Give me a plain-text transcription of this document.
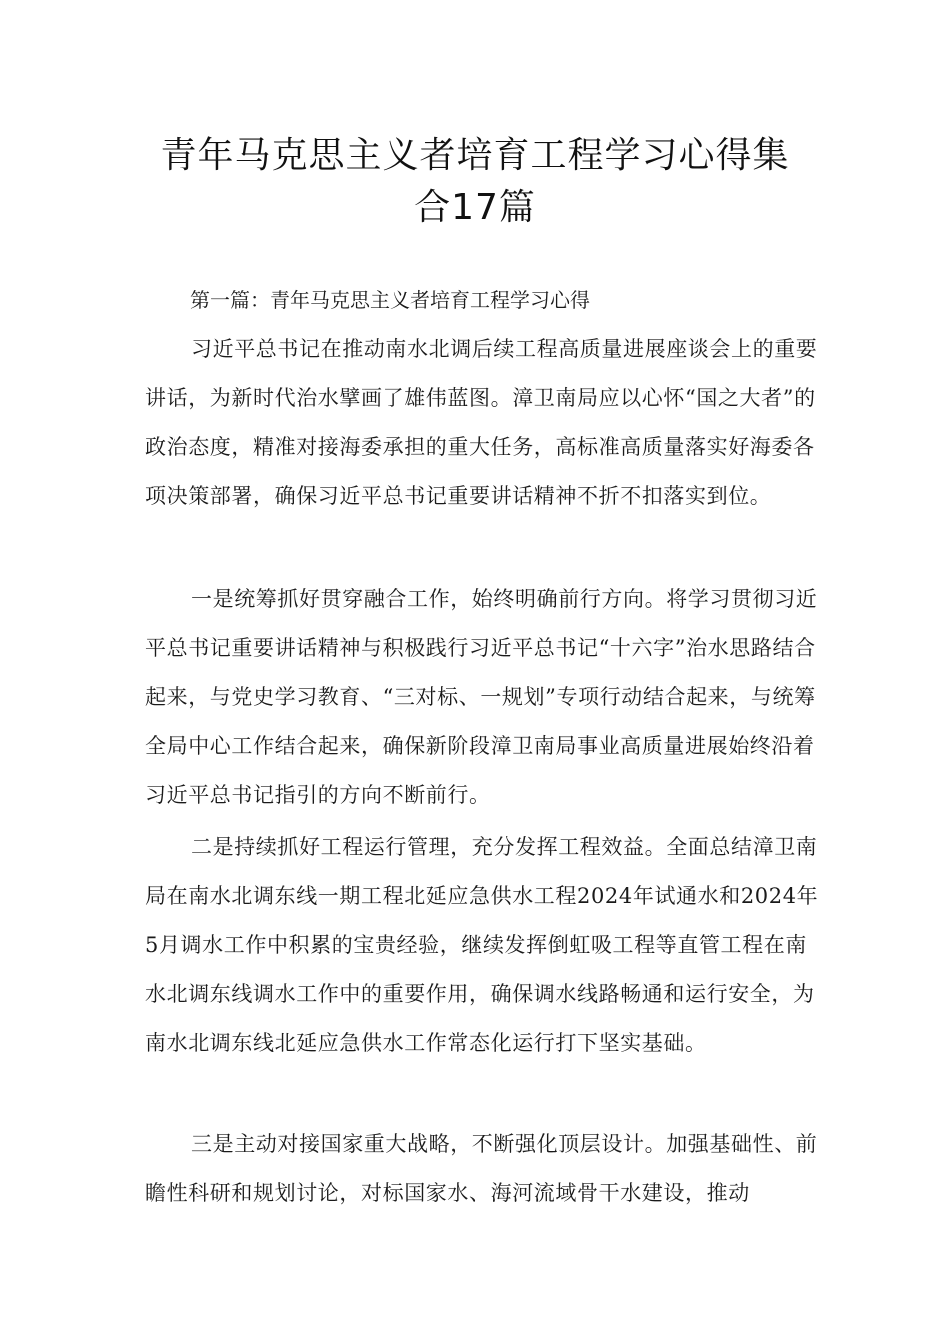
青年马克思主义者培育工程学习心得集
合17篇

第一篇：青年马克思主义者培育工程学习心得

习近平总书记在推动南水北调后续工程高质量进展座谈会上的重要讲话，为新时代治水擘画了雄伟蓝图。漳卫南局应以心怀“国之大者”的政治态度，精准对接海委承担的重大任务，高标准高质量落实好海委各项决策部署，确保习近平总书记重要讲话精神不折不扣落实到位。

一是统筹抓好贯穿融合工作，始终明确前行方向。将学习贯彻习近平总书记重要讲话精神与积极践行习近平总书记“十六字”治水思路结合起来，与党史学习教育、“三对标、一规划”专项行动结合起来，与统筹全局中心工作结合起来，确保新阶段漳卫南局事业高质量进展始终沿着习近平总书记指引的方向不断前行。

二是持续抓好工程运行管理，充分发挥工程效益。全面总结漳卫南局在南水北调东线一期工程北延应急供水工程2024年试通水和2024年5月调水工作中积累的宝贵经验，继续发挥倒虹吸工程等直管工程在南水北调东线调水工作中的重要作用，确保调水线路畅通和运行安全，为南水北调东线北延应急供水工作常态化运行打下坚实基础。

三是主动对接国家重大战略，不断强化顶层设计。加强基础性、前瞻性科研和规划讨论，对标国家水、海河流域骨干水建设，推动
